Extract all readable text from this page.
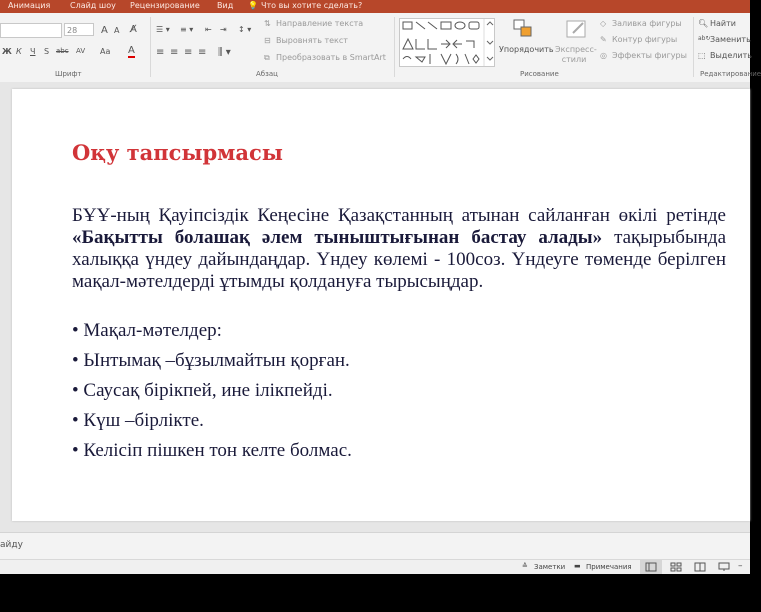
Анимация Слайд шоу Рецензирование Вид 💡 Что вы хотите сделать?
28	A A A̸
Ж К Ч S abc AV Aa A
Шрифт
☰ ▾ ≡ ▾ ⇤ ⇥ ↕ ▾
≡ ≡ ≡ ≡ ⫼ ▾
⇅ Направление текста
⊟ Выровнять текст
⧉ Преобразовать в SmartArt
Абзац
Упорядочить Экспресс-стили
◇ Заливка фигуры
✎ Контур фигуры
◎ Эффекты фигуры
Рисование
🔍︎ Найти
ab↻ Заменить
⬚ Выделить
Редактирование
Оқу тапсырмасы
БҰҰ-ның Қауіпсіздік Кеңесіне Қазақстанның атынан сайланған өкілі ретінде «Бақытты болашақ әлем тыныштығынан бастау алады» тақырыбында халыққа үндеу дайындаңдар. Үндеу көлемі - 100соз. Үндеуге төменде берілген мақал-мәтелдерді ұтымды қолдануға тырысыңдар.
• Мақал-мәтелдер:
• Ынтымақ –бұзылмайтын қорған.
• Саусақ бірікпей, ине ілікпейді.
• Күш –бірлікте.
• Келісіп пішкен тон келте болмас.
айду
≙ Заметки ▬ Примечания	–
